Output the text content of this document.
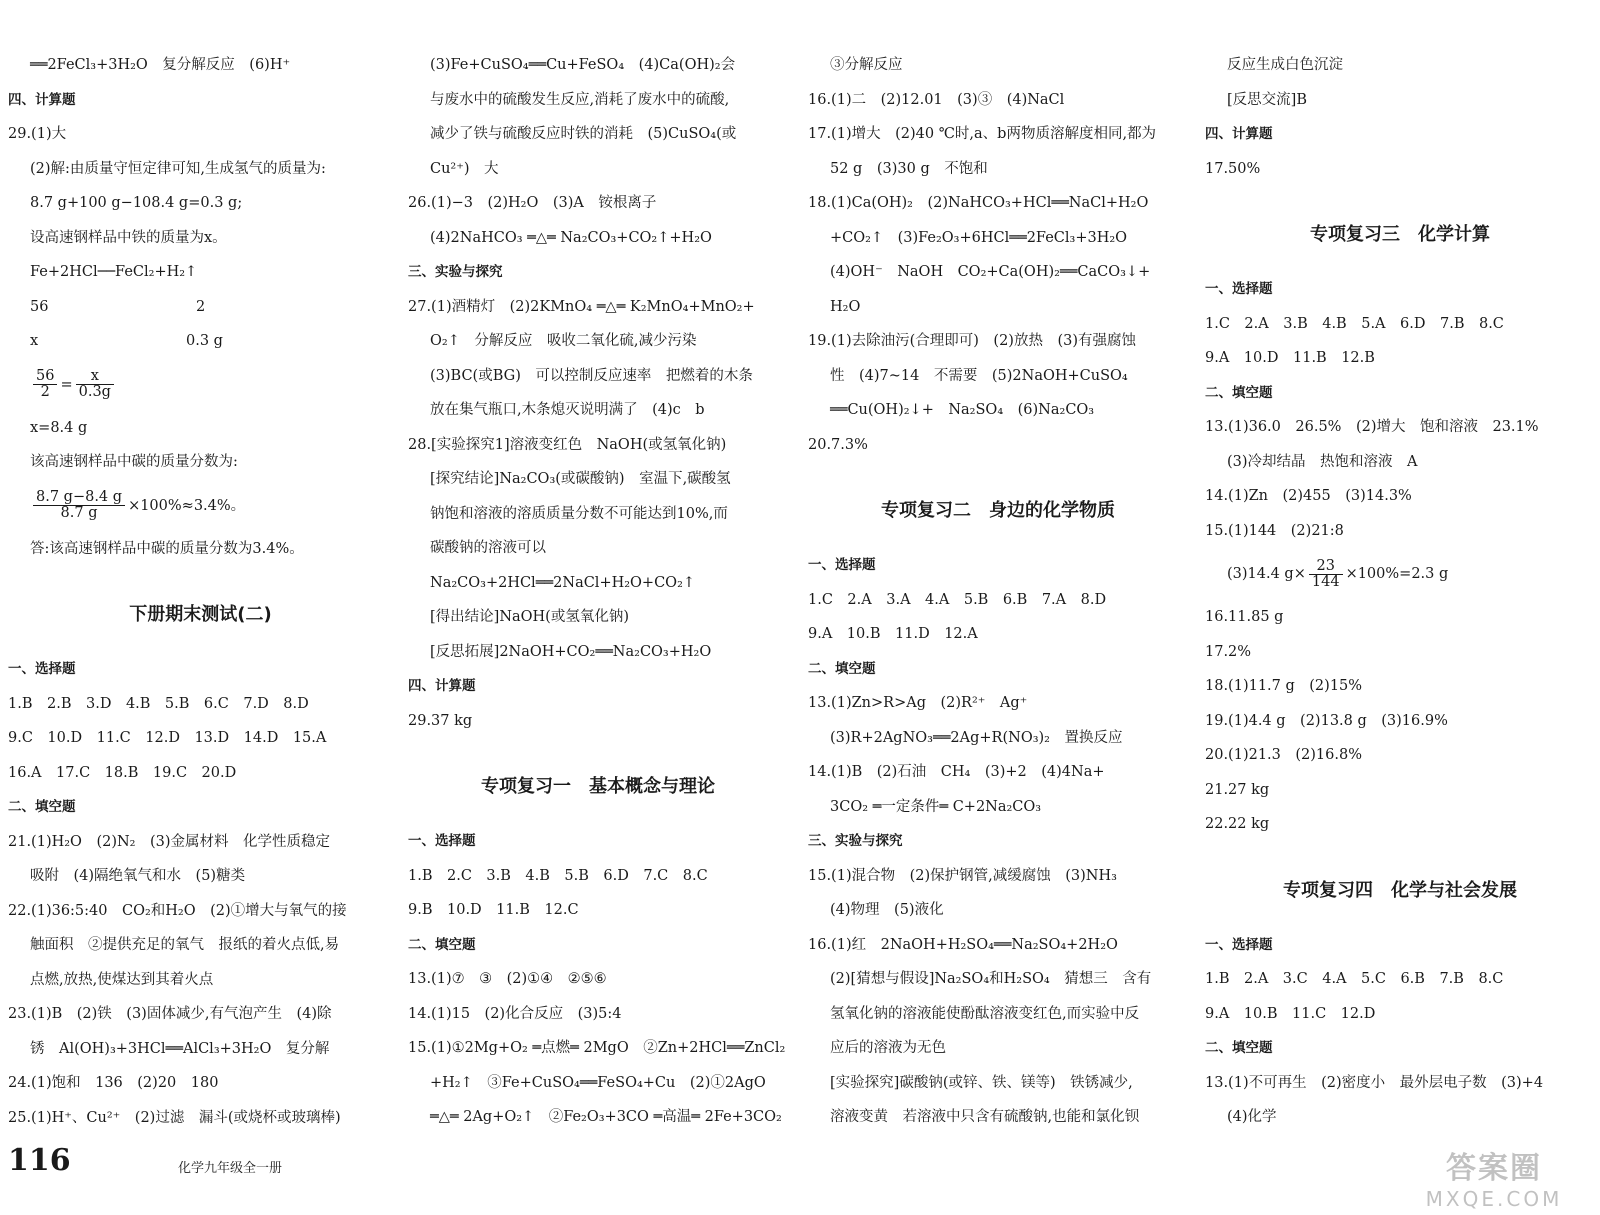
══2FeCl₃+3H₂O　复分解反应　(6)H⁺
四、计算题
29.(1)大
(2)解:由质量守恒定律可知,生成氢气的质量为:
8.7 g+100 g−108.4 g=0.3 g;
设高速钢样品中铁的质量为x。
Fe+2HCl──FeCl₂+H₂↑
56	2
x	0.3 g
$\frac{56}{2} = \frac{x}{0.3g}$
x=8.4 g
该高速钢样品中碳的质量分数为:
$\frac{8.7 g-8.4 g}{8.7 g} \times 100\%\approx 3.4\%$。
答:该高速钢样品中碳的质量分数为3.4%。
下册期末测试(二)
一、选择题
1.B　2.B　3.D　4.B　5.B　6.C　7.D　8.D
9.C　10.D　11.C　12.D　13.D　14.D　15.A
16.A　17.C　18.B　19.C　20.D
二、填空题
21.(1)H₂O　(2)N₂　(3)金属材料　化学性质稳定
吸附　(4)隔绝氧气和水　(5)糖类
22.(1)36:5:40　CO₂和H₂O　(2)①增大与氧气的接
触面积　②提供充足的氧气　报纸的着火点低,易
点燃,放热,使煤达到其着火点
23.(1)B　(2)铁　(3)固体减少,有气泡产生　(4)除
锈　Al(OH)₃+3HCl══AlCl₃+3H₂O　复分解
24.(1)饱和　136　(2)20　180
25.(1)H⁺、Cu²⁺　(2)过滤　漏斗(或烧杯或玻璃棒)
(3)Fe+CuSO₄══Cu+FeSO₄　(4)Ca(OH)₂会
与废水中的硫酸发生反应,消耗了废水中的硫酸,
减少了铁与硫酸反应时铁的消耗　(5)CuSO₄(或
Cu²⁺)　大
26.(1)−3　(2)H₂O　(3)A　铵根离子
(4)2NaHCO₃ ═△═ Na₂CO₃+CO₂↑+H₂O
三、实验与探究
27.(1)酒精灯　(2)2KMnO₄ ═△═ K₂MnO₄+MnO₂+
O₂↑　分解反应　吸收二氧化硫,减少污染
(3)BC(或BG)　可以控制反应速率　把燃着的木条
放在集气瓶口,木条熄灭说明满了　(4)c　b
28.[实验探究1]溶液变红色　NaOH(或氢氧化钠)
[探究结论]Na₂CO₃(或碳酸钠)　室温下,碳酸氢
钠饱和溶液的溶质质量分数不可能达到10%,而
碳酸钠的溶液可以
Na₂CO₃+2HCl══2NaCl+H₂O+CO₂↑
[得出结论]NaOH(或氢氧化钠)
[反思拓展]2NaOH+CO₂══Na₂CO₃+H₂O
四、计算题
29.37 kg
专项复习一　基本概念与理论
一、选择题
1.B　2.C　3.B　4.B　5.B　6.D　7.C　8.C
9.B　10.D　11.B　12.C
二、填空题
13.(1)⑦　③　(2)①④　②⑤⑥
14.(1)15　(2)化合反应　(3)5:4
15.(1)①2Mg+O₂ ═点燃═ 2MgO　②Zn+2HCl══ZnCl₂
+H₂↑　③Fe+CuSO₄══FeSO₄+Cu　(2)①2AgO
═△═ 2Ag+O₂↑　②Fe₂O₃+3CO ═高温═ 2Fe+3CO₂
③分解反应
16.(1)二　(2)12.01　(3)③　(4)NaCl
17.(1)增大　(2)40 ℃时,a、b两物质溶解度相同,都为
52 g　(3)30 g　不饱和
18.(1)Ca(OH)₂　(2)NaHCO₃+HCl══NaCl+H₂O
+CO₂↑　(3)Fe₂O₃+6HCl══2FeCl₃+3H₂O
(4)OH⁻　NaOH　CO₂+Ca(OH)₂══CaCO₃↓+
H₂O
19.(1)去除油污(合理即可)　(2)放热　(3)有强腐蚀
性　(4)7~14　不需要　(5)2NaOH+CuSO₄
══Cu(OH)₂↓+　Na₂SO₄　(6)Na₂CO₃
20.7.3%
专项复习二　身边的化学物质
一、选择题
1.C　2.A　3.A　4.A　5.B　6.B　7.A　8.D
9.A　10.B　11.D　12.A
二、填空题
13.(1)Zn>R>Ag　(2)R²⁺　Ag⁺
(3)R+2AgNO₃══2Ag+R(NO₃)₂　置换反应
14.(1)B　(2)石油　CH₄　(3)+2　(4)4Na+
3CO₂ ═一定条件═ C+2Na₂CO₃
三、实验与探究
15.(1)混合物　(2)保护钢管,减缓腐蚀　(3)NH₃
(4)物理　(5)液化
16.(1)红　2NaOH+H₂SO₄══Na₂SO₄+2H₂O
(2)[猜想与假设]Na₂SO₄和H₂SO₄　猜想三　含有
氢氧化钠的溶液能使酚酞溶液变红色,而实验中反
应后的溶液为无色
[实验探究]碳酸钠(或锌、铁、镁等)　铁锈减少,
溶液变黄　若溶液中只含有硫酸钠,也能和氯化钡
反应生成白色沉淀
[反思交流]B
四、计算题
17.50%
专项复习三　化学计算
一、选择题
1.C　2.A　3.B　4.B　5.A　6.D　7.B　8.C
9.A　10.D　11.B　12.B
二、填空题
13.(1)36.0　26.5%　(2)增大　饱和溶液　23.1%
(3)冷却结晶　热饱和溶液　A
14.(1)Zn　(2)455　(3)14.3%
15.(1)144　(2)21:8
(3)14.4 $g\times \frac{23}{144} \times 100\%=2.3$ g
16.11.85 g
17.2%
18.(1)11.7 g　(2)15%
19.(1)4.4 g　(2)13.8 g　(3)16.9%
20.(1)21.3　(2)16.8%
21.27 kg
22.22 kg
专项复习四　化学与社会发展
一、选择题
1.B　2.A　3.C　4.A　5.C　6.B　7.B　8.C
9.A　10.B　11.C　12.D
二、填空题
13.(1)不可再生　(2)密度小　最外层电子数　(3)+4
(4)化学
116	化学九年级全一册	答案圈
MXQE.COM
